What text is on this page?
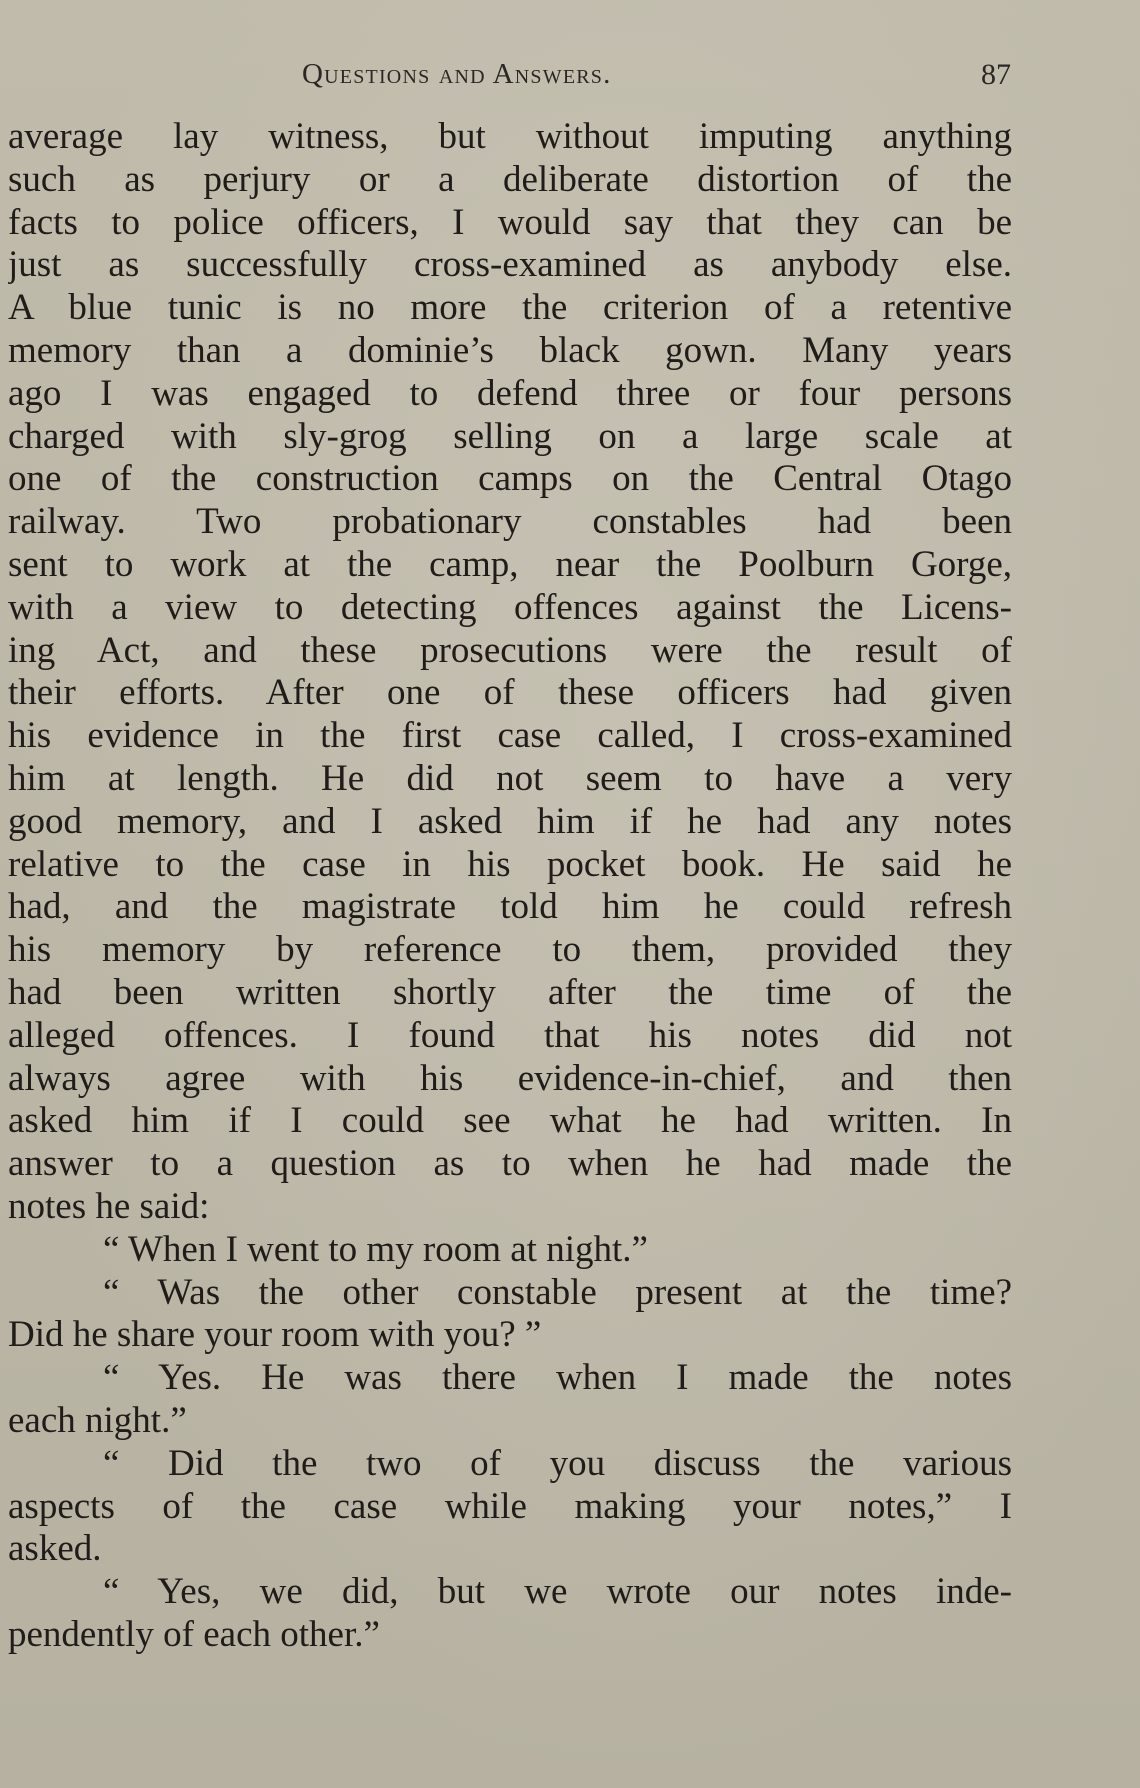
Questions and Answers.	87
average lay witness, but without imputing anything
such as perjury or a deliberate distortion of the
facts to police officers, I would say that they can be
just as successfully cross-examined as anybody else.
A blue tunic is no more the criterion of a retentive
memory than a dominie’s black gown. Many years
ago I was engaged to defend three or four persons
charged with sly-grog selling on a large scale at
one of the construction camps on the Central Otago
railway. Two probationary constables had been
sent to work at the camp, near the Poolburn Gorge,
with a view to detecting offences against the Licens-
ing Act, and these prosecutions were the result of
their efforts. After one of these officers had given
his evidence in the first case called, I cross-examined
him at length. He did not seem to have a very
good memory, and I asked him if he had any notes
relative to the case in his pocket book. He said he
had, and the magistrate told him he could refresh
his memory by reference to them, provided they
had been written shortly after the time of the
alleged offences. I found that his notes did not
always agree with his evidence-in-chief, and then
asked him if I could see what he had written. In
answer to a question as to when he had made the
notes he said:
“ When I went to my room at night.”
“ Was the other constable present at the time?
Did he share your room with you? ”
“ Yes. He was there when I made the notes
each night.”
“ Did the two of you discuss the various
aspects of the case while making your notes,” I
asked.
“ Yes, we did, but we wrote our notes inde-
pendently of each other.”
